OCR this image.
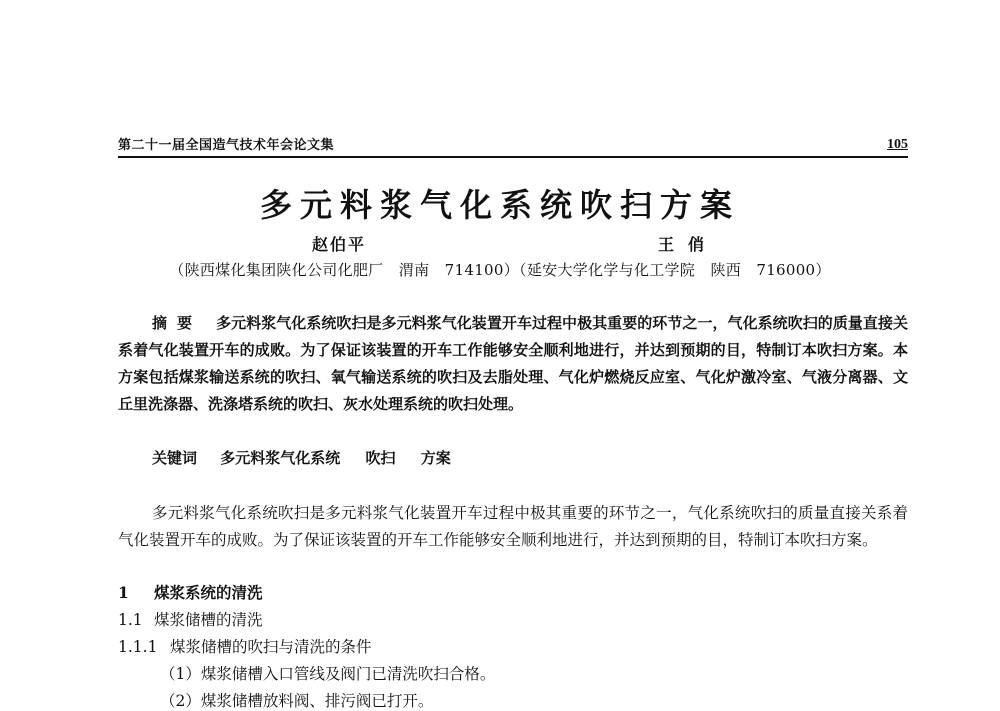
第二十一届全国造气技术年会论文集	105
多元料浆气化系统吹扫方案
赵伯平	王俏
（陕西煤化集团陕化公司化肥厂　渭南　714100）（延安大学化学与化工学院　陕西　716000）
摘要 多元料浆气化系统吹扫是多元料浆气化装置开车过程中极其重要的环节之一，气化系统吹扫的质量直接关系着气化装置开车的成败。为了保证该装置的开车工作能够安全顺利地进行，并达到预期的目，特制订本吹扫方案。本方案包括煤浆输送系统的吹扫、氧气输送系统的吹扫及去脂处理、气化炉燃烧反应室、气化炉激冷室、气液分离器、文丘里洗涤器、洗涤塔系统的吹扫、灰水处理系统的吹扫处理。
关键词 多元料浆气化系统 吹扫 方案
多元料浆气化系统吹扫是多元料浆气化装置开车过程中极其重要的环节之一，气化系统吹扫的质量直接关系着气化装置开车的成败。为了保证该装置的开车工作能够安全顺利地进行，并达到预期的目，特制订本吹扫方案。
1 煤浆系统的清洗
1.1 煤浆储槽的清洗
1.1.1 煤浆储槽的吹扫与清洗的条件
（1）煤浆储槽入口管线及阀门已清洗吹扫合格。
（2）煤浆储槽放料阀、排污阀已打开。
